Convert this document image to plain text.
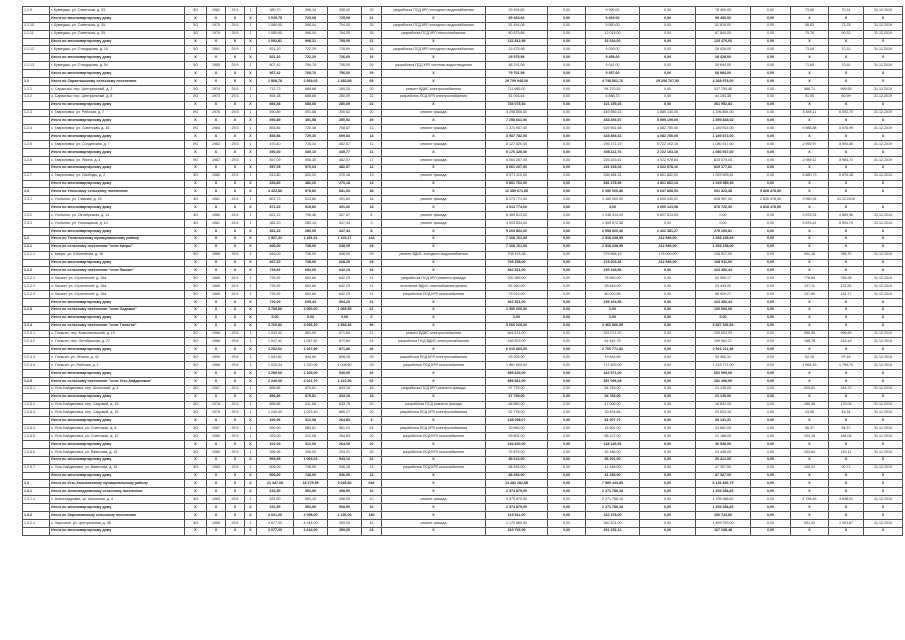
1.1.9	г. Кувандык, ул. Советская, д. 33	ЭО	1962	29.5	1	380,70	356,14	338,00	29	разработка ПСД КРЛ холодного водоснабжения	29 494,80	0,00	9 390,00	0,00	78 450,00	0,00	73,65	70,31	31.12.2019
	Итого по многоквартирному дому	X	X	X	X	1 025,75	725,08	725,08	21	X	89 463,60	0,00	9 469,00	0,00	98 450,00	0,00	X	X	X
1.1.10	г. Кувандык, ул. Советская, д. 35	ЭО	1979	29.5	1	1 080,95	998,04	794,00	35	разработка ПСД КРЛ холодного водоснабжения	51 494,08	0,00	5 560,00	0,00	51 819,00	0,00	56,83	73,78	31.12.2019
1.1.11	г. Кувандык, ул. Советская, д. 35	ЭО	1979	29.5	1	1 080,95	998,04	794,00	35	разработка ПСД КРЛ теплоснабжения	80 575,86	0,00	12 015,00	0,00	67 844,00	0,00	75,76	90,31	31.12.2019
	Итого по многоквартирному дому	X	X	X	X	1 092,81	998,31	795,00	21	X	132 812,98	0,00	22 034,00	0,00	125 476,00	0,00	X	X	X
1.1.12	г. Кувандык, ул. Стандарова, д. 15	ЭО	1961	29.5	1	821,20	722,29	726,69	16	разработка ПСД КРЛ холодного водоснабжения	29 575,98	0,00	9 039,00	0,00	28 428,00	0,00	73,49	70,31	31.12.2019
	Итого по многоквартирному дому	X	X	X	X	821,20	722,29	726,69	16	X	29 575,98	0,00	9 459,00	0,00	28 428,00	0,00	X	X	X
1.1.13	г. Кувандык, ул. Стандарова, д. 54	ЭО	1985	29.5	1	807,42	768,76	756,00	29	разработка ПСД КРЛ системы водоотведения	48 151,08	0,00	9 041,00	0,00	39 654,00	0,00	71,80	70,91	31.12.2019
	Итого по многоквартирному дому	X	X	X	X	807,42	768,76	756,00	29	X	79 701,98	0,00	9 357,00	0,00	68 984,00	0,00	X	X	X
1.2	Итого по Саракташскому сельскому поселению	X	X	X	X	2 808,78	2 669,03	2 483,89	68	X	29 799 945,00	0,00	4 738 562,76	25 298 767,50	4 268 978,00	0,00	X	X	X
1.2.1	с. Саракташ, пер. Центральный, д. 3	ЭО	1974	29.5	1	712,73	688,86	289,25	20	ремонт ВДИС электроснабжения	711 985,00	0,00	94 270,53	0,00	317 759,46	0,00	986,71	999,55	31.12.2019
1.2.2	с. Саракташ, пер. Центральный, д. 8	ЭО	1974	29.5	1	894,38	688,68	280,09	22	разработка ПСД КРЛ электроснабжения	51 093,54	0,00	6 888,73	0,00	44 193,38	0,00	91,55	80,99	31.12.2019
	Итого по многоквартирному дому	X	X	X	X	894,38	688,68	280,09	22	X	783 078,54	0,00	101 159,26	0,00	361 952,84	0,00	X	X	X
1.2.3	с. Гавриловка, ул. Рабочая, д. 7	ЭО	1976	29.5	1	590,89	491,58	250,52	20	ремонт фасада	3 298 806,00	0,00	549 989,22	1 880 130,00	1 196 854,00	0,00	5 849,11	6 092,70	31.12.2019
	Итого по многоквартирному дому	X	X	X	X	590,89	491,58	250,52	29	X	7 258 661,00	0,00	433 493,57	5 599 159,00	1 559 838,02	0,00	X	X	X
1.2.4	с. Гавриловка, ул. Советская, д. 45	ЭО	1984	29.5	1	853,86	720,38	708,87	12	ремонт фасада	1 371 957,00	0,00	529 951,68	4 082 780,00	1 189 914,00	0,00	5 985,88	5 976,99	31.12.2019
	Итого по многоквартирному дому	X	X	X	X	853,86	729,30	699,83	14	X	5 587 782,00	0,00	328 893,62	4 082 780,00	1 189 874,00	0,00	X	X	X
1.2.5	с. Гавриловка, ул. Солдатская, д. 7	ЭО	1982	29.5	1	470,40	716,34	482,57	11	ремонт фасада	8 127 820,00	0,00	295 171,19	5 722 102,16	1 080 917,60	0,00	2 990,97	5 994,80	31.12.2019
	Итого по многоквартирному дому	X	X	X	X	390,40	339,10	445,77	11	X	5 176 420,00	0,00	308 112,76	2 722 103,16	1 080 937,60	0,00	X	X	X
1.2.6	с. Гавриловка, ул. Яхина, д. 4	ЭО	1987	29.5	1	557,09	508,30	482,57	17	ремонт фасада	5 064 207,00	0,00	226 153,61	4 022 978,84	815 075,00	0,00	2 989,11	5 984,72	31.12.2019
	Итого по многоквартирному дому	X	X	X	X	557,09	570,03	482,57	12	X	5 061 207,00	0,00	226 153,06	4 022 978,16	815 177,62	0,00	X	X	X
1.2.7	с. Гавриловка, ул. Свободы, д. 2	ЭО	1980	29.5	1	613,80	520,20	270,18	13	ремонт фасада	8 971 110,00	0,00	336 484,31	4 801 862,00	1 029 599,81	0,00	5 880,79	5 876,38	31.12.2019
	Итого по многоквартирному дому	X	X	X	X	633,80	482,20	270,18	13	X	5 801 762,00	0,00	336 278,96	4 801 862,13	1 029 989,93	0,00	X	X	X
1.3	Итого по Угольному сельскому поселению	X	X	X	X	4 422,86	978,80	681,93	38	X	12 389 671,80	0,00	2 396 926,86	5 637 808,53	931 323,38	5 828 478,50	X	X	X
1.3.1	с. Угольное, ул. Главная, д. 25	ЭО	1981	29.5	1	601,73	513,80	491,60	16	ремонт фасада	8 273 771,00	0,00	1 180 000,00	4 000 040,51	628 997,00	2 826 978,50	3 960,34	31.12.2019	
	Итого по многоквартирному дому	X	X	X	X	871,20	915,80	491,60	24	X	4 914 774,00	0,00	3,00	3 000 123,98	876 726,30	4 818 478,50	X	X	X
1.3.2	с. Угольное, ул. Октябрьская, д. 14	ЭО	1980	29.5	1	821,12	706,46	427,67	8	ремонт фасада	8 369 813,00	0,00	1 246 414,09	5 827 813,93	0,00	0,00	2 878,34	4 869,96	31.12.2019
1.3.3	с. Угольное, ул. Угольщиков, д. 10	ЭО	1981	29.5	1	361,20	280,19	447,44	3	ремонт фасада	4 003 834,00	0,00	1 459 072,36	0,00	0,00	0,00	5 876,41	5 994,74	31.12.2019
	Итого по многоквартирному дому	X	X	X	X	361,20	280,00	447,44	8	X	5 203 862,00	0,00	2 598 920,46	2 422 381,27	279 109,81	0,00	X	X	X
1.2	Итого по Тюльганскому муниципальному району	X	X	X	X	1 967,32	1 491,01	1 125,27	144	X	7 108 761,00	0,00	2 518 238,95	212 946,00	1 268 158,69	0,00	X	X	X
1.2.1	Итого по сельскому поселению "село Киеры"	X	X	X	X	845,00	738,00	638,00	29	X	7 108 761,00	0,00	2 518 238,95	212 946,00	1 269 158,00	0,00	X	X	X
1.2.1.1	с. Киеры, ул. Юбилейная, д. 16	ЭО	1986	29.5	1	845,00	738,00	638,00	29	ремонт ВДИС холодного водоснабжения	708 478,38	0,00	279 568,19	178 000,00	126 817,00	0,00	941,18	768,70	31.12.2019
	Итого по многоквартирному дому	X	X	X	X	847,20	738,00	628,20	29	X	708 258,00	0,00	278 203,36	212 946,00	128 911,00	0,00	X	X	X
1.2.2	Итого по сельскому поселению "село Ласкин"	X	X	X	X	725,92	652,60	642,23	32	X	362 521,00	0,00	199 168,56	0,00	163 352,44	0,00	X	X	X
1.2.2.1	с. Ласкин, ул. Строителей, д. 16а	ЭО	1989	29.5	1	725,92	652,60	642,23	21	разработка ПСД КРЛ ремонта фасада	200 389,00	0,00	78 550,00	0,00	62 990,17	0,00	776,69	766,98	31.12.2019
1.2.2.2	с. Ласкин, ул. Строителей, д. 16а	ЭО	1989	29.5	1	725,92	652,60	642,23	21	отопление ВДИС газоснабжения кровли	83 260,00	0,00	39 616,00	0,00	23 433,00	0,00	137,11	132,55	31.12.2019
1.2.2.3	с. Ласкин, ул. Строителей, д. 16а	ЭО	1989	29.5	1	725,92	652,60	642,23	21	разработка ПСД КРЛ газоснабжения	79 012,00	0,00	80 002,56	0,00	56 929,27	0,00	137,85	131,77	31.12.2019
	Итого по многоквартирному дому	X	X	X	X	726,00	635,43	594,23	21	X	363 521,00	0,00	199 164,56	0,00	163 352,44	0,00	X	X	X
1.2.3	Итого по сельскому поселению "село Садовое"	X	X	X	X	3 789,86	2 060,00	1 089,55	41	X	1 350 000,00	0,00	0,00	0,00	130 000,00	0,00	X	X	X
	Итого по многоквартирному дому	X	X	X	X	0,00	0,00	0,00	0	X	0,00	0,00	0,00	0,00	0,00	0,00	X	X	X
1.2.4	Итого по сельскому поселению "село Тюльган"	X	X	X	X	3 769,82	3 066,20	1 668,36	96	X	5 660 228,00	0,00	2 362 866,95	0,00	3 837 346,66	0,00	X	X	X
1.2.4.1	с. Тюльган, пер. Комсомольский, д. 19	ЭО	1986	29.5	1	1 043,42	861,09	671,84	21	ремонт ВДИС электроснабжения	664 674,00	0,00	349 071,97	0,00	335 602,03	0,00	956,95	996,89	31.12.2019
1.2.4.2	с. Тюльган, пер. Октябрьская, д. 27	ЭО	1986	29.5	1	1 047,42	1 047,82	671,84	24	разработка ПСД ВДИС электроснабжения	166 823,00	0,00	61 441,79	0,00	105 061,21	0,00	158,78	163,18	31.12.2019
	Итого по многоквартирному дому	X	X	X	X	1 262,62	1 067,80	871,86	46	X	6 616 863,00	0,00	2 700 771,82	0,00	2 916 211,48	0,00	X	X	X
1.2.4.3	с. Тюльган, ул. Ленина, д. 31	ЭО	1992	29.5	1	1 041,82	844,60	808,35	25	разработка ПСД КРЛ электроснабжения	53 305,00	0,00	19 844,69	0,00	33 460,31	0,00	92,16	97,16	31.12.2019
1.2.4.4	с. Тюльган, ул. Рабочая, д. 1	ЭО	1988	29.5	1	1 020,34	1 220,06	1 008,60	28	разработка ПСД КРЛ газоснабжения	1 861 600,00	0,00	717 829,00	0,00	1 143 771,00	0,00	1 864,53	1 795,70	31.12.2019
	Итого по многоквартирному дому	X	X	X	X	1 250,00	1 205,00	940,00	42	X	985 625,00	0,00	322 571,00	0,00	662 955,00	0,00	X	X	X
1.2.5	Итого по сельскому поселению "село Усть-Кайдановка"	X	X	X	X	2 240,00	2 021,70	1 141,90	62	X	589 562,00	0,00	387 096,08	0,00	181 498,90	0,00	X	X	X
1.2.5.1	с. Усть-Кайдановка, пер. Школьный, д. 4	ЭО	1967	29.5	1	896,86	875,81	543,16	18	разработка ПСД КРЛ ремонта фасада	97 739,00	0,00	54 783,00	0,00	21 139,00	0,00	300,61	346,72	31.12.2019
	Итого по многоквартирному дому	X	X	X	X	896,86	875,81	543,16	18	X	97 739,00	0,00	54 783,00	0,00	21 139,00	0,00	X	X	X
1.2.5.2	с. Усть-Кайдановка, пер. Садовый, д. 15	ЭО	1976	29.5	1	896,86	411,08	633,79	22	разработка ПСД ремонта фасада	68 663,00	0,00	47 006,00	0,00	16 832,00	0,00	180,96	175,06	31.12.2019
1.2.5.3	с. Усть-Кайдановка, пер. Садовый, д. 16	ЭО	1979	29.5	1	1 240,00	1 023,40	686,27	20	разработка ПСД КРЛ электроснабжения	52 778,00	0,00	30 874,84	0,00	20 603,16	0,00	43,05	43,34	31.12.2019
	Итого по многоквартирному дому	X	X	X	X	326,96	312,08	264,83	3	X	128 058,07	0,00	81 007,70	0,00	38 131,31	0,00	X	X	X
1.2.5.4	с. Усть-Кайдановка, ул. Советская, д. 6	ЭО	1967	29.5	1	590,90	583,81	561,01	24	разработка ПСД КРЛ электроснабжения	30 663,00	0,00	18 801,00	0,00	13 662,00	0,00	56,37	54,37	31.12.2019
1.2.5.5	с. Усть-Кайдановка, ул. Советская, д. 12	ЭО	1980	29.5	1	323,00	312,08	264,83	20	разработка ПСД КРЛ газоснабжения	59 802,00	0,00	56 127,00	0,00	21 188,00	0,00	193,18	185,06	31.12.2019
	Итого по многоквартирному дому	X	X	X	X	322,00	312,00	264,00	20	X	154 620,00	0,00	118 126,08	0,00	40 938,00	0,00	X	X	X
1.2.5.6	с. Усть-Кайдановка, ул. Вавилова, д. 15	ЭО	1980	29.5	1	396,06	348,00	293,21	22	разработка ПСД КРЛ газоснабжения	75 875,00	0,00	45 186,00	0,00	24 436,00	0,00	103,64	119,11	31.12.2019
	Итого по многоквартирному дому	X	X	X	X	905,95	1 063,03	543,12	22	X	85 613,00	0,00	56 201,00	0,00	29 412,00	0,00	X	X	X
1.2.5.7	с. Усть-Кайдановка, ул. Вавилова, д. 16	ЭО	1983	29.5	1	506,09	748,05	546,28	13	разработка ПСД КРЛ газоснабжения	88 493,00	0,00	41 186,00	0,00	47 307,00	0,00	105,22	90,71	31.12.2019
	Итого по многоквартирному дому	X	X	X	X	506,00	748,00	546,00	13	X	88 493,00	0,00	41 186,00	0,00	47 307,00	0,00	X	X	X
1.3	Итого по Усть-Кальвитскому муниципальному району	X	X	X	X	21 447,08	18 279,98	9 045,80	646	X	13 482 282,88	0,00	7 989 443,85	0,00	6 126 836,75	0,00	X	X	X
1.3.1	Итого по Александровскому сельскому поселению	X	X	X	X	616,50	552,50	498,50	10	X	2 574 875,00	0,00	2 271 786,18	0,00	1 293 088,82	0,00	X	X	X
1.3.1.1	с. Александровка, ул. Школьная, д. 4	ЭО	1983	29.5	1	631,50	551,10	498,50	10	ремонт фасада	3 574 875,00	0,00	2 271 786,18	0,00	1 293 088,82	0,00	4 785,45	4 848,91	31.12.2019
	Итого по многоквартирному дому	X	X	X	X	631,50	552,50	508,50	10	X	2 574 875,00	0,00	2 271 786,18	0,00	1 293 088,82	0,00	X	X	X
1.3.2	Итого по Заречновскому сельскому поселению	X	X	X	X	3 021,00	2 098,00	1 136,00	180	X	219 911,00	0,00	162 378,00	0,00	206 743,80	0,00	X	X	X
1.3.2.1	с. Заречное, ул. Центральная, д. 48	ЭО	1986	29.5	1	3 677,00	4 244,00	359,00	43	ремонт фасада	1 170 860,00	0,00	340 101,00	0,00	1 829 759,00	0,00	931,00	1 003,67	31.12.2019
	Итого по многоквартирному дому	X	X	X	X	3 077,00	4 244,00	359,00	43	X	319 793,00	0,00	201 152,12	0,00	167 238,48	0,00	X	X	X
